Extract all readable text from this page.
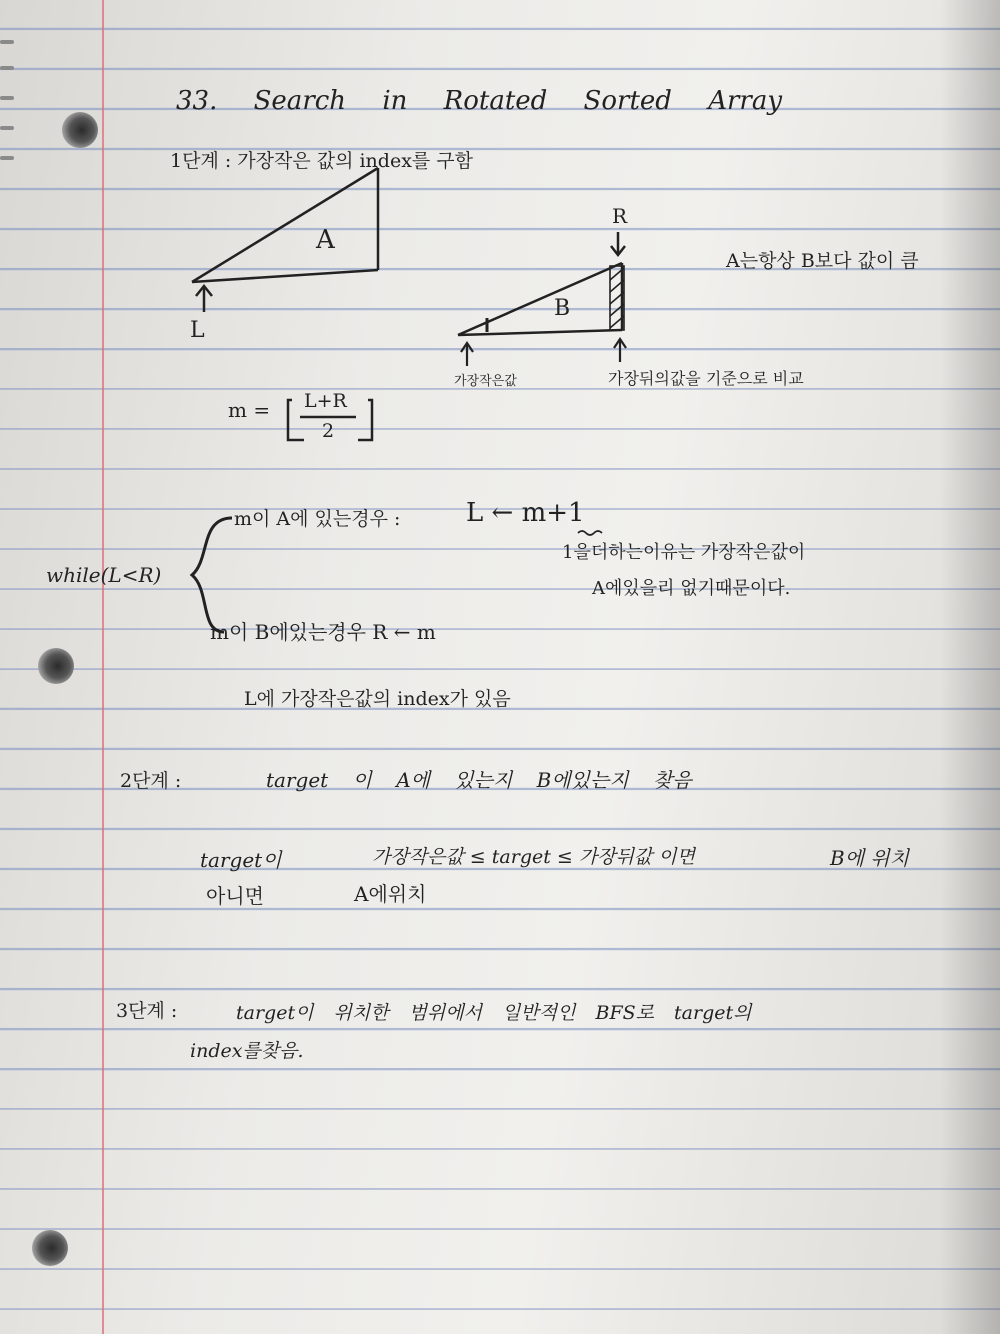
33. Search in Rotated Sorted Array
1단계 : 가장작은 값의 index를 구함
A
L
R
B
A는항상 B보다 값이 큼
가장작은값	가장뒤의값을 기준으로 비교
m = L+R
2
while(L<R)
m이 A에 있는경우 :	L ← m+1
1을더하는이유는 가장작은값이
A에있을리 없기때문이다.
m이 B에있는경우 R ← m
L에 가장작은값의 index가 있음
2단계 :	target 이 A에 있는지 B에있는지 찾음
target이	가장작은값 ≤ target ≤ 가장뒤값 이면	B에 위치
아니면	A에위치
3단계 :	target이 위치한 범위에서 일반적인 BFS로 target의
index를찾음.
